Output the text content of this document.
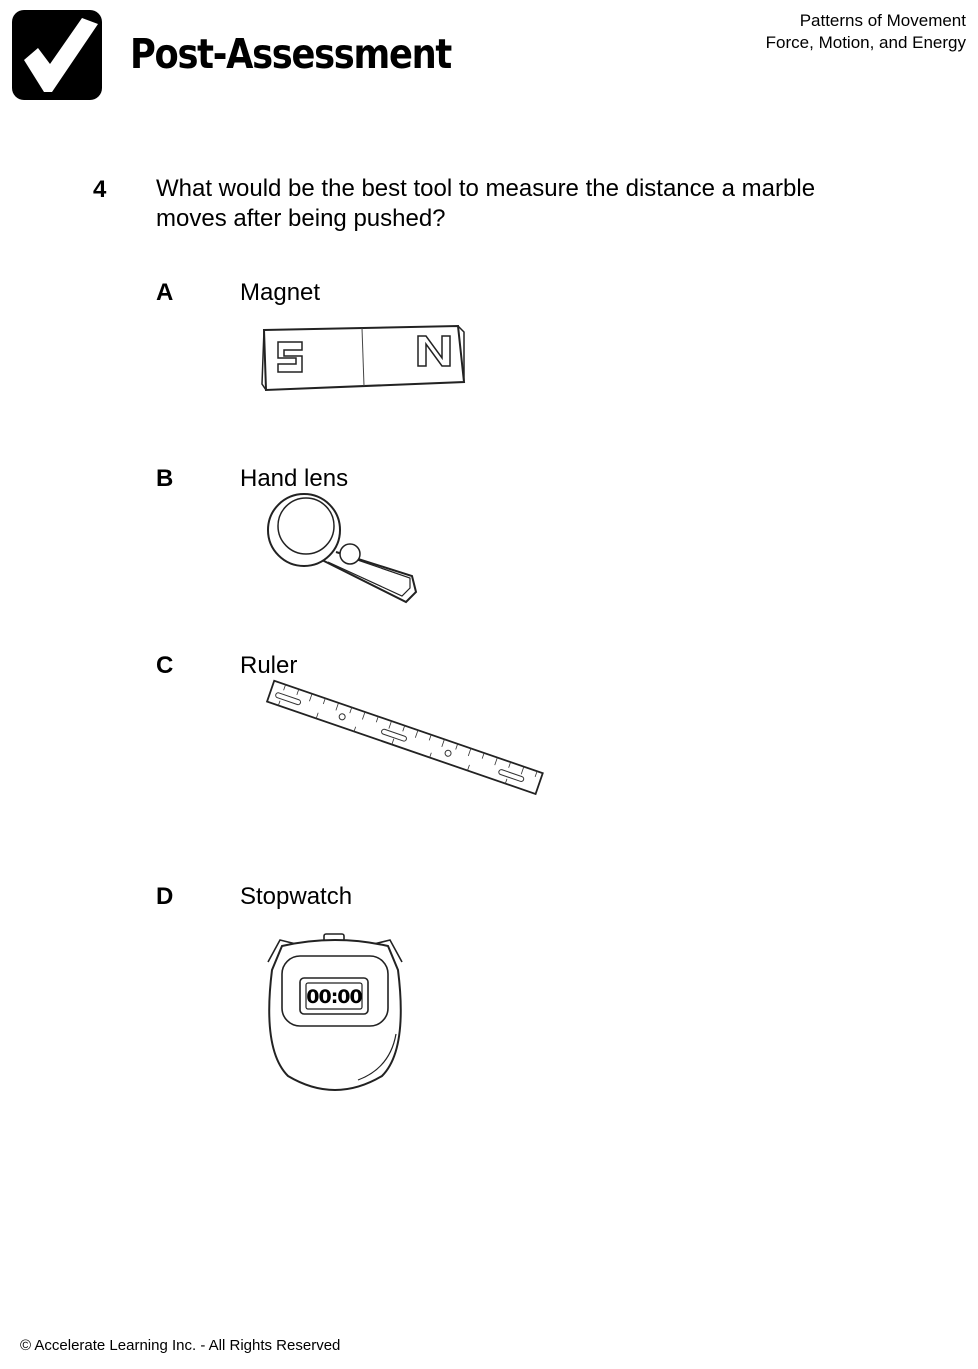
Post-Assessment
Patterns of Movement
Force, Motion, and Energy
4 What would be the best tool to measure the distance a marble moves after being pushed?
A	Magnet
B	Hand lens
C	Ruler
D	Stopwatch
00:00
© Accelerate Learning Inc. - All Rights Reserved
